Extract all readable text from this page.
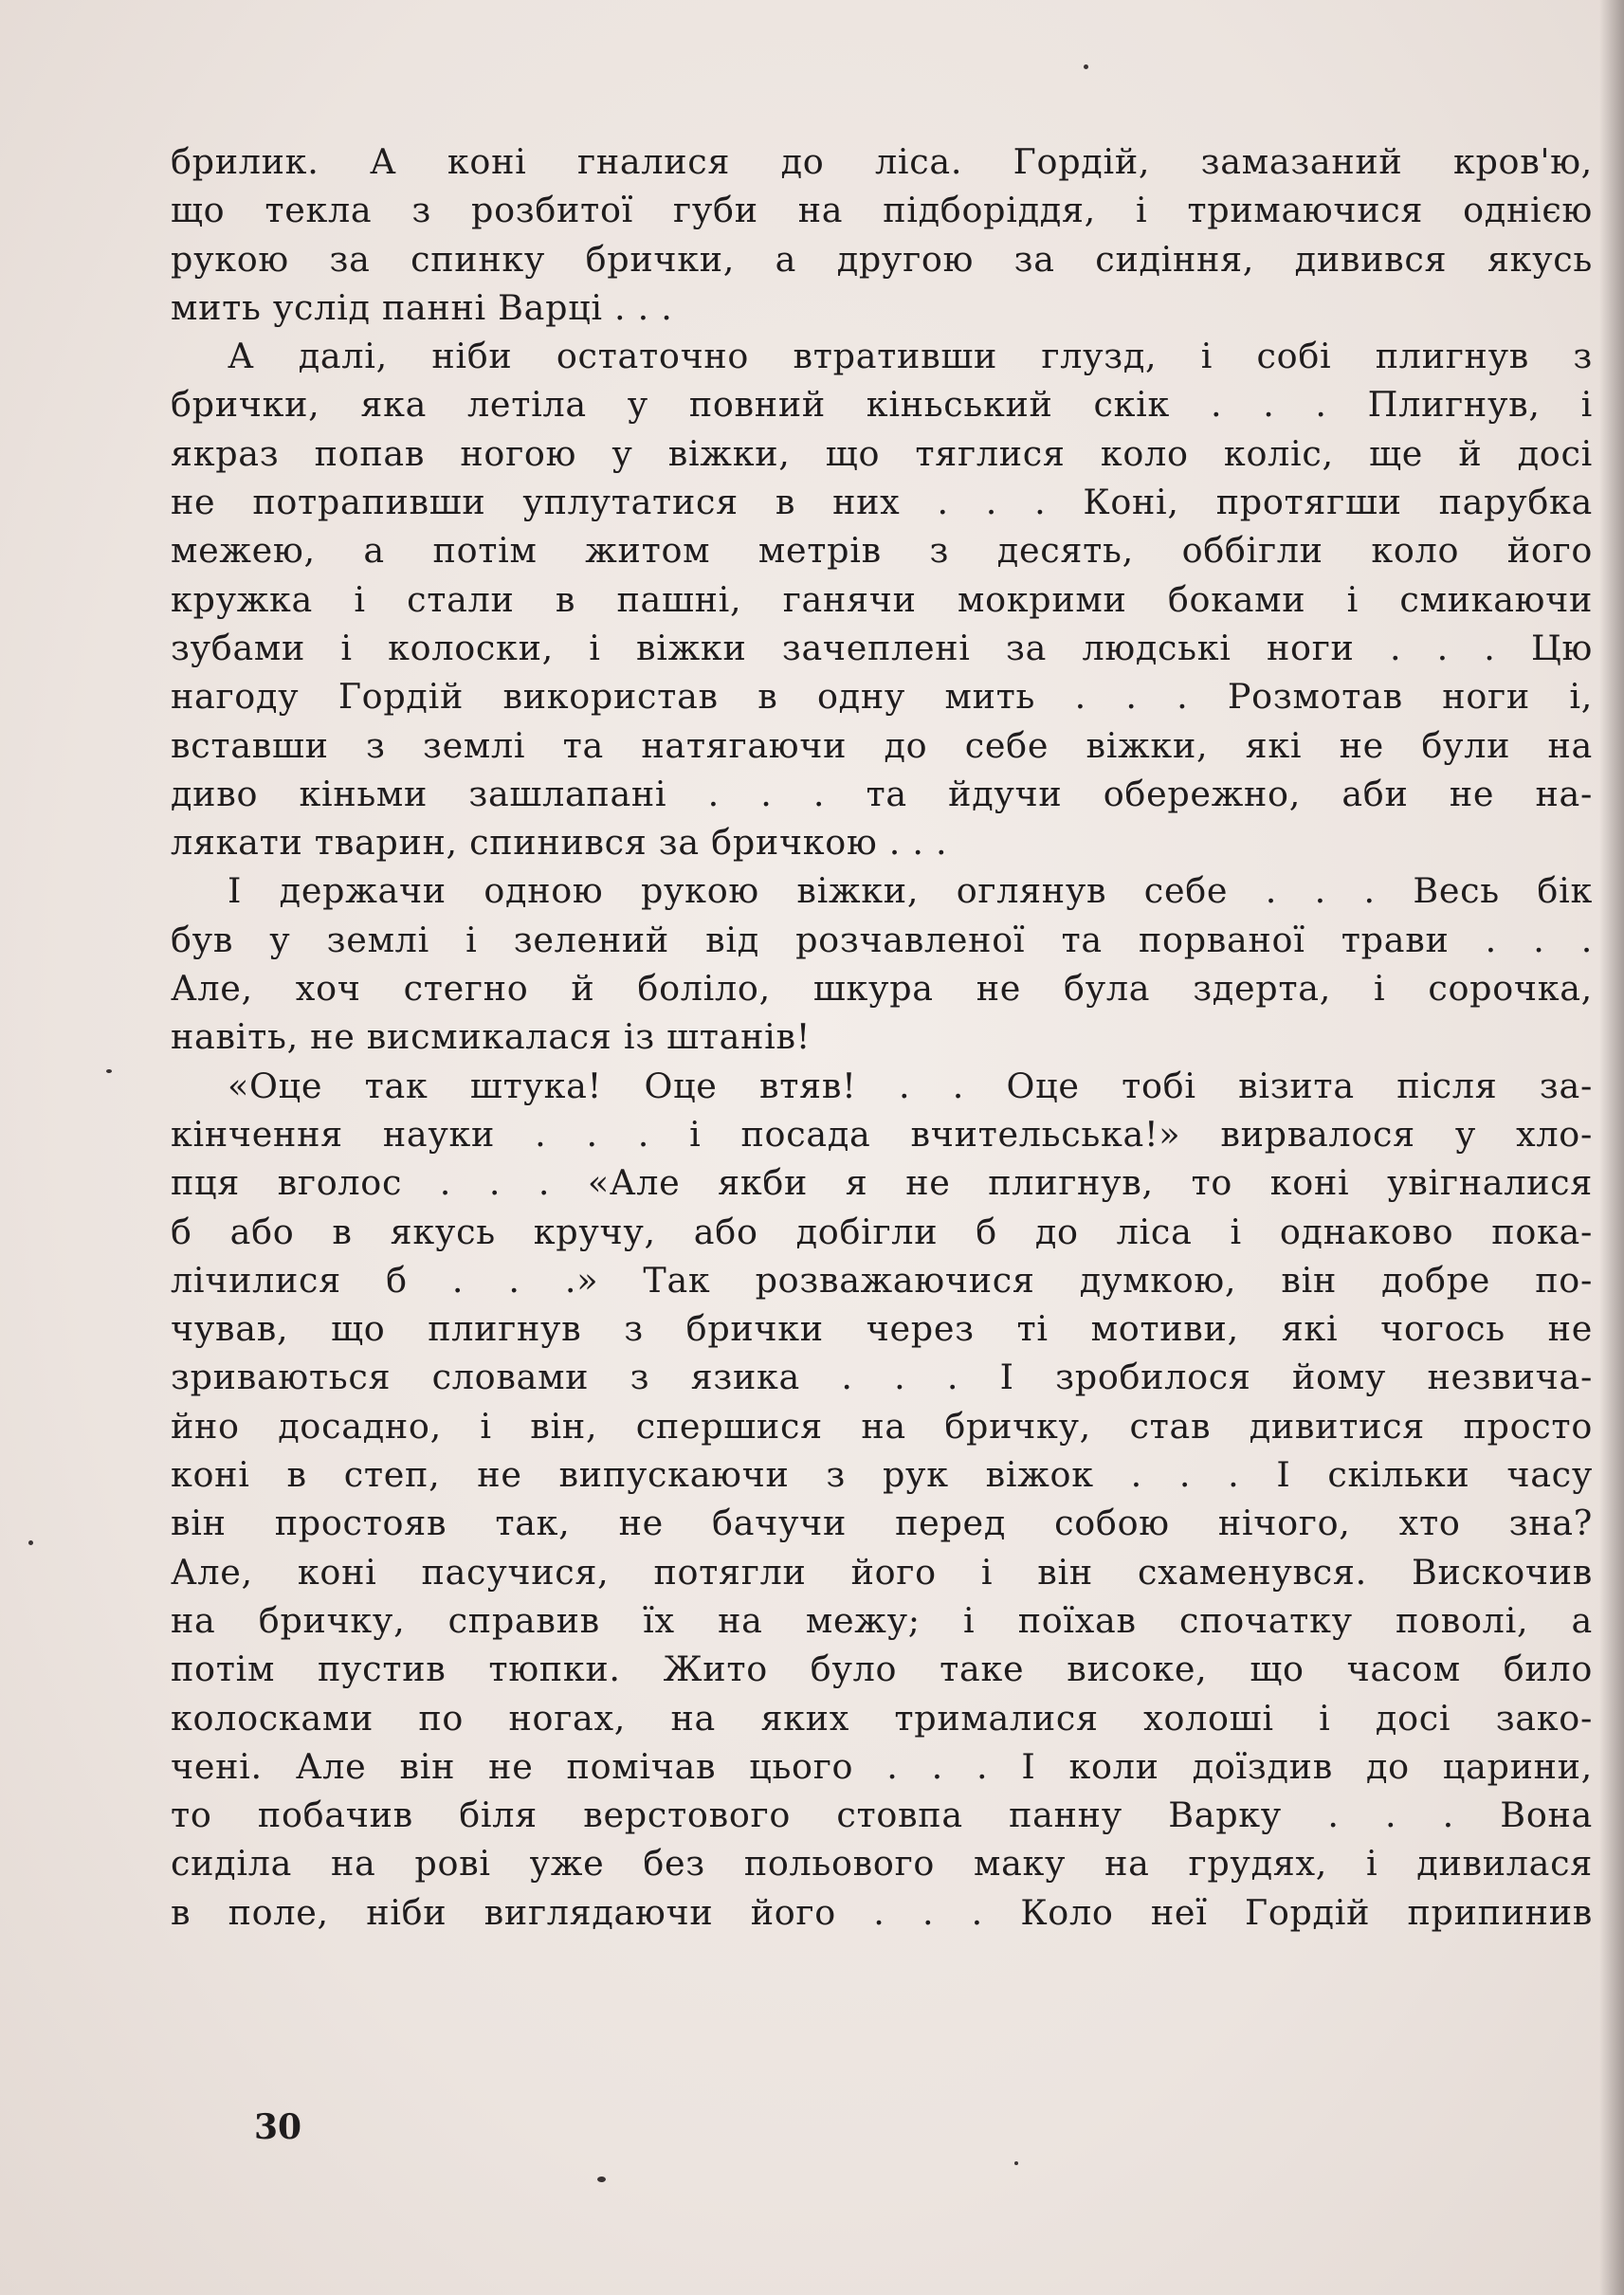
брилик. А коні гналися до ліса. Гордій, замазаний кров'ю,
що текла з розбитої губи на підборіддя, і тримаючися однією
рукою за спинку брички, а другою за сидіння, дивився якусь
мить услід панні Варці . . .
А далі, ніби остаточно втративши глузд, і собі плигнув з
брички, яка летіла у повний кіньський скік . . . Плигнув, і
якраз попав ногою у віжки, що тяглися коло коліс, ще й досі
не потрапивши уплутатися в них . . . Коні, протягши парубка
межею, а потім житом метрів з десять, оббігли коло його
кружка і стали в пашні, ганячи мокрими боками і смикаючи
зубами і колоски, і віжки зачеплені за людські ноги . . . Цю
нагоду Гордій використав в одну мить . . . Розмотав ноги і,
вставши з землі та натягаючи до себе віжки, які не були на
диво кіньми зашлапані . . . та йдучи обережно, аби не на-
лякати тварин, спинився за бричкою . . .
І держачи одною рукою віжки, оглянув себе . . . Весь бік
був у землі і зелений від розчавленої та порваної трави . . .
Але, хоч стегно й боліло, шкура не була здерта, і сорочка,
навіть, не висмикалася із штанів!
«Оце так штука! Оце втяв! . . Оце тобі візита після за-
кінчення науки . . . і посада вчительська!» вирвалося у хло-
пця вголос . . . «Але якби я не плигнув, то коні увігналися
б або в якусь кручу, або добігли б до ліса і однаково пока-
лічилися б . . .» Так розважаючися думкою, він добре по-
чував, що плигнув з брички через ті мотиви, які чогось не
зриваються словами з язика . . . І зробилося йому незвича-
йно досадно, і він, спершися на бричку, став дивитися просто
коні в степ, не випускаючи з рук віжок . . . І скільки часу
він простояв так, не бачучи перед собою нічого, хто зна?
Але, коні пасучися, потягли його і він схаменувся. Вискочив
на бричку, справив їх на межу; і поїхав спочатку поволі, а
потім пустив тюпки. Жито було таке високе, що часом било
колосками по ногах, на яких трималися холоші і досі зако-
чені. Але він не помічав цього . . . І коли доїздив до царини,
то побачив біля верстового стовпа панну Варку . . . Вона
сиділа на рові уже без польового маку на грудях, і дивилася
в поле, ніби виглядаючи його . . . Коло неї Гордій припинив
30
